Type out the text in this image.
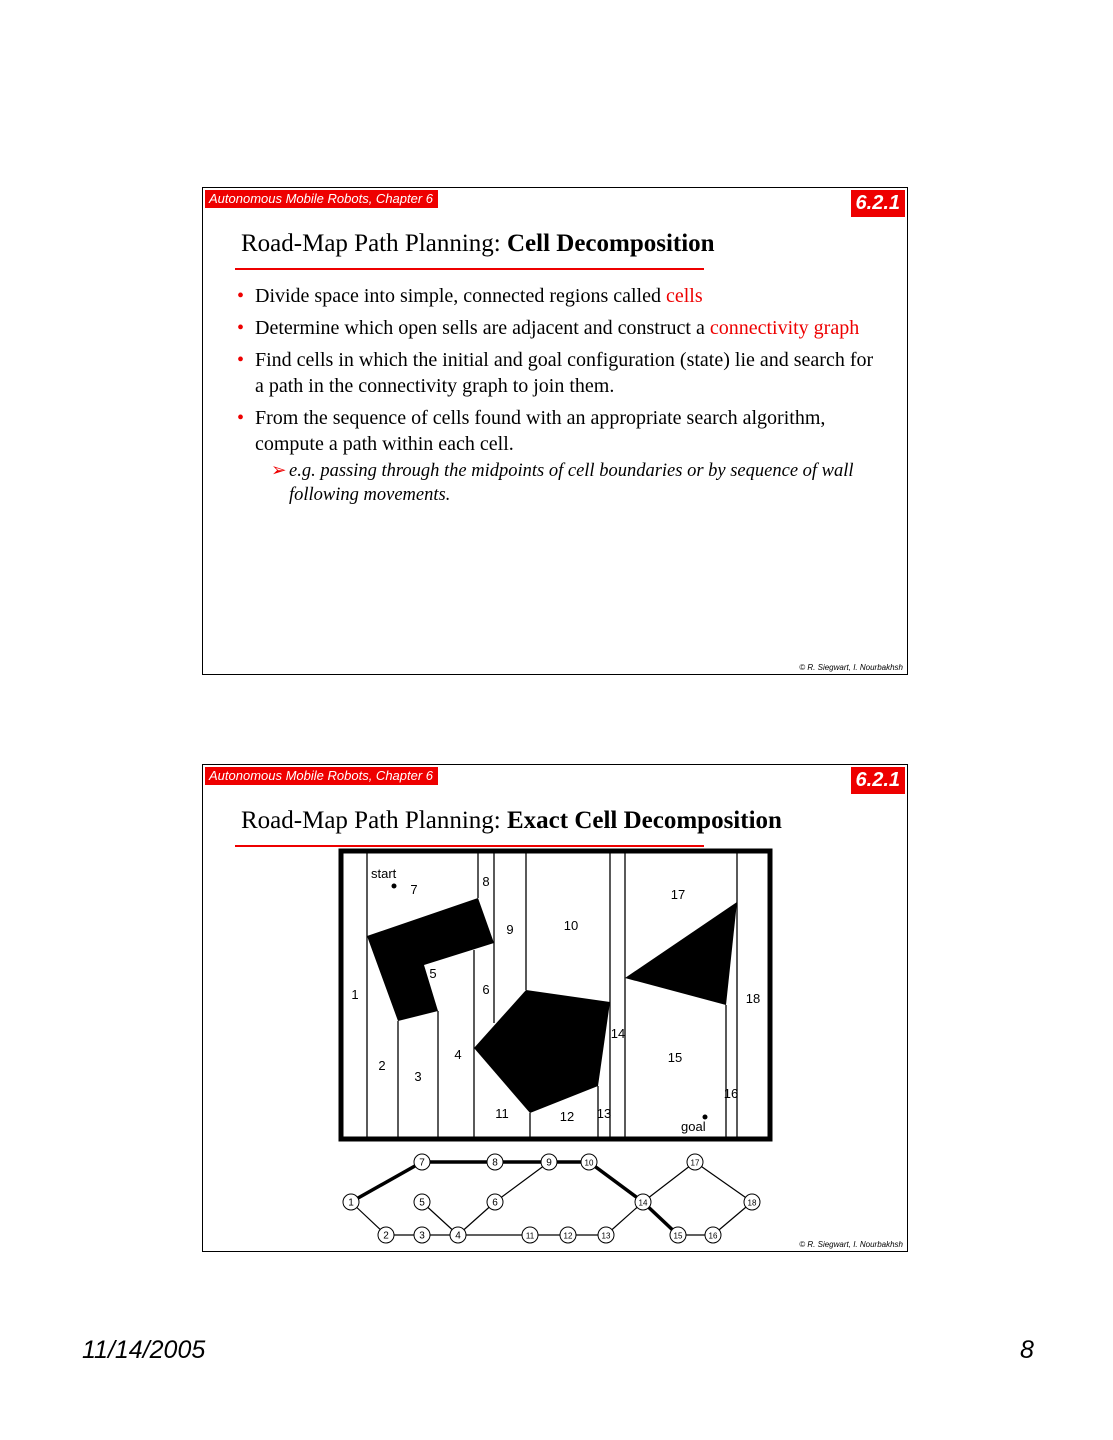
Autonomous Mobile Robots, Chapter 6	6.2.1
Road-Map Path Planning: Cell Decomposition
• Divide space into simple, connected regions called cells
• Determine which open sells are adjacent and construct a connectivity graph
• Find cells in which the initial and goal configuration (state) lie and search for a path in the connectivity graph to join them.
• From the sequence of cells found with an appropriate search algorithm, compute a path within each cell.
➢ e.g. passing through the midpoints of cell boundaries or by sequence of wall following movements.
© R. Siegwart, I. Nourbakhsh
Autonomous Mobile Robots, Chapter 6	6.2.1
Road-Map Path Planning: Exact Cell Decomposition
© R. Siegwart, I. Nourbakhsh
1
2
3
4
5
6
7
8
9	10
11	12 13
14
15
16
17
18
start
goal
1
2	3	4
5	6
7	8	9	10
11	12	13
14
15	16
17
18
11/14/2005	8
